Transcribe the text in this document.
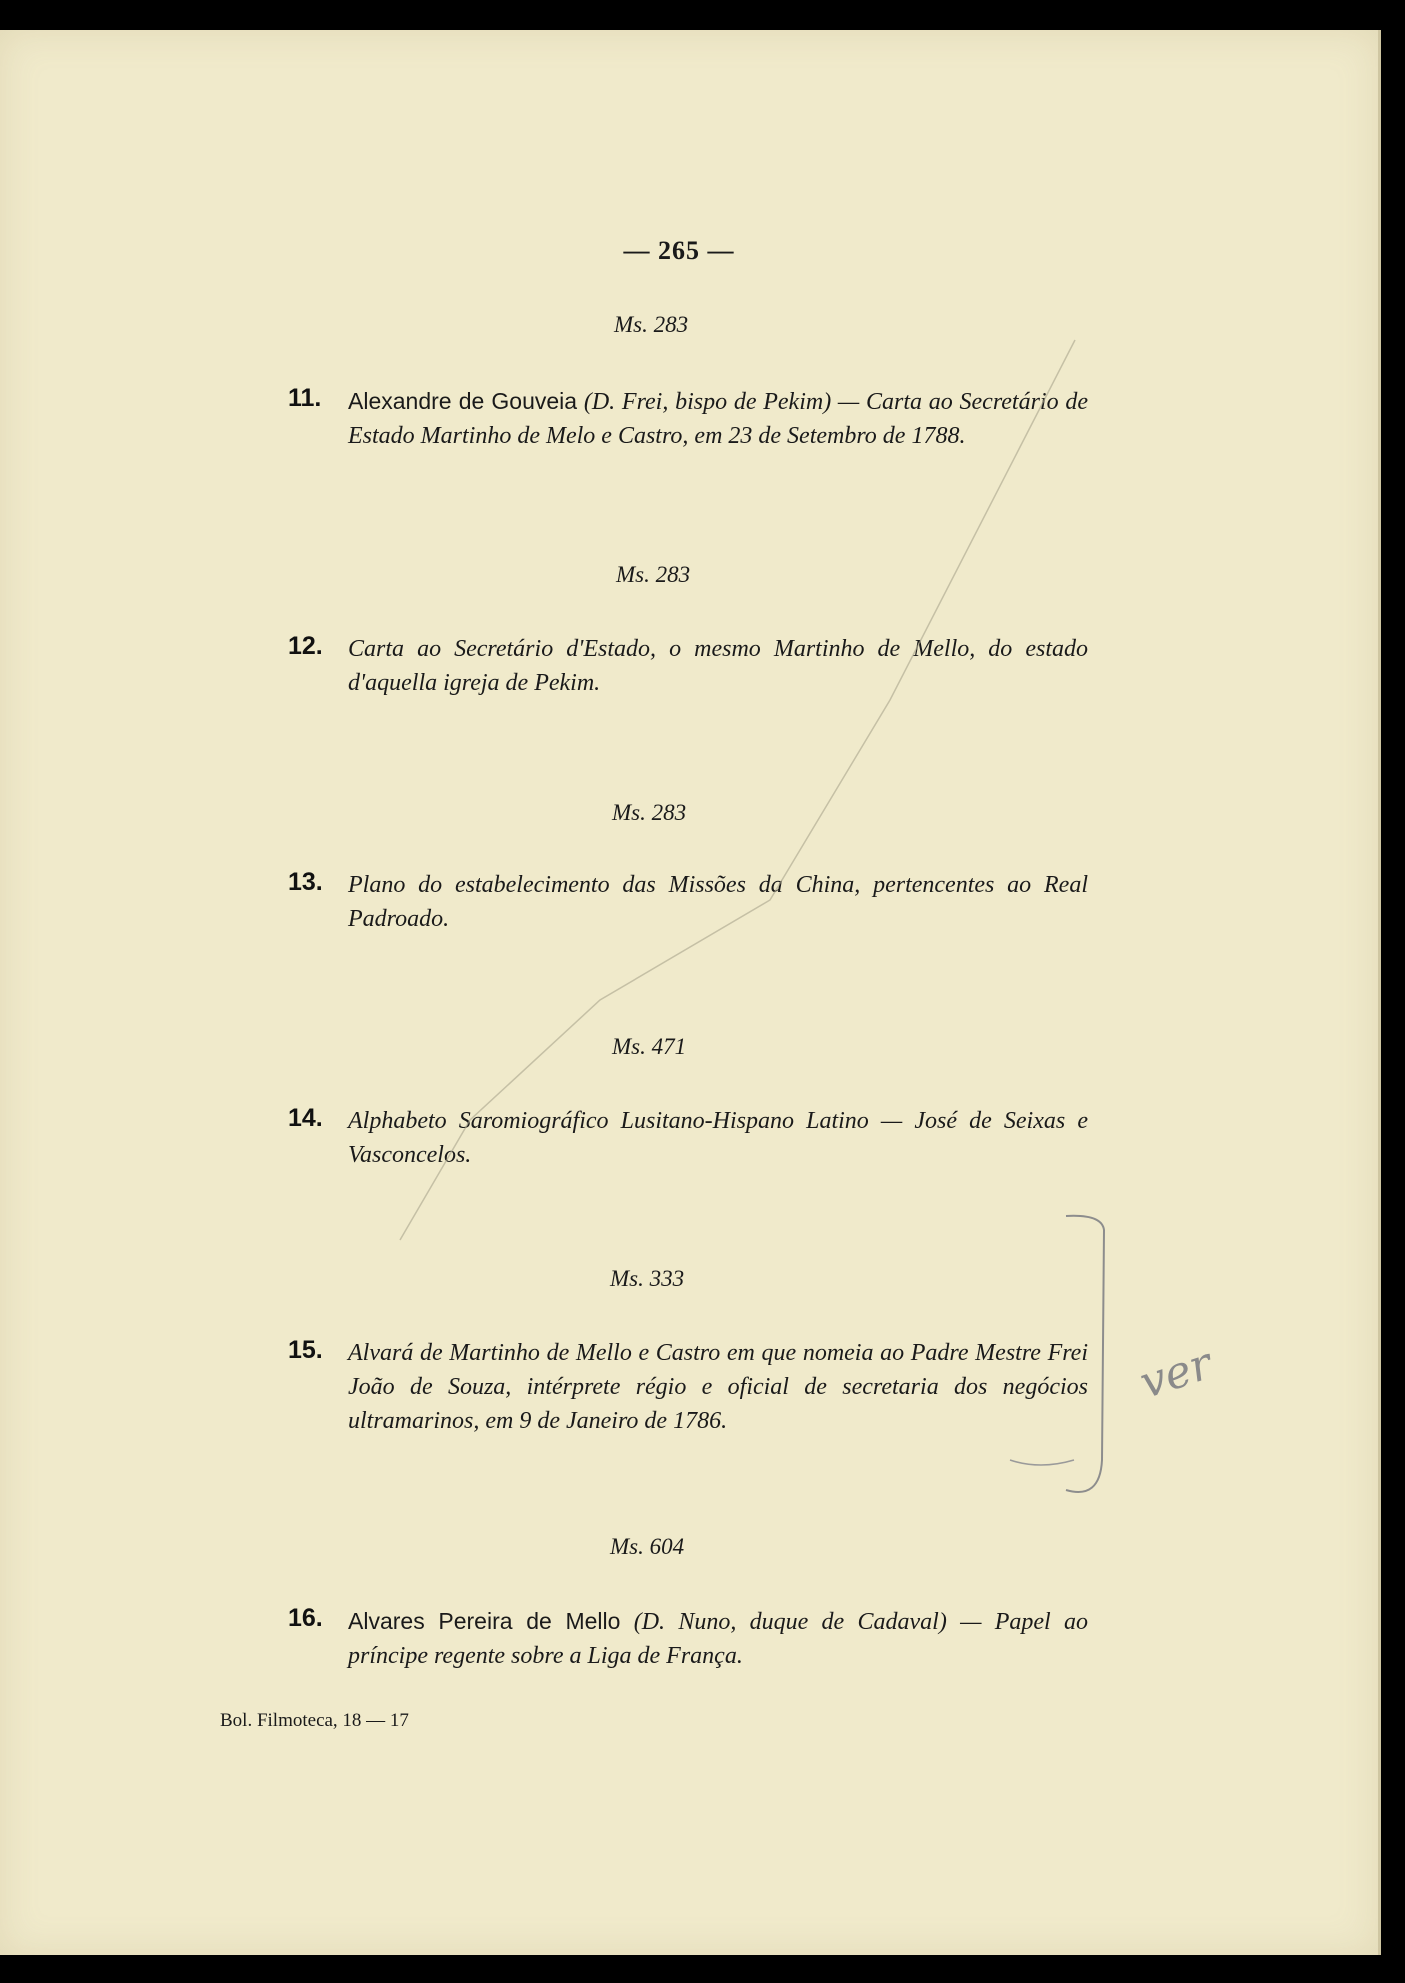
— 265 —
Ms. 283
11. Alexandre de Gouveia (D. Frei, bispo de Pekim) — Carta ao Secretário de Estado Martinho de Melo e Castro, em 23 de Setembro de 1788.
Ms. 283
12. Carta ao Secretário d'Estado, o mesmo Martinho de Mello, do estado d'aquella igreja de Pekim.
Ms. 283
13. Plano do estabelecimento das Missões da China, pertencentes ao Real Padroado.
Ms. 471
14. Alphabeto Saromiográfico Lusitano-Hispano Latino — José de Seixas e Vasconcelos.
Ms. 333
15. Alvará de Martinho de Mello e Castro em que nomeia ao Padre Mestre Frei João de Souza, intérprete régio e oficial de secretaria dos negócios ultramarinos, em 9 de Janeiro de 1786.
Ms. 604
16. Alvares Pereira de Mello (D. Nuno, duque de Cadaval) — Papel ao príncipe regente sobre a Liga de França.
ver
Bol. Filmoteca, 18 — 17
